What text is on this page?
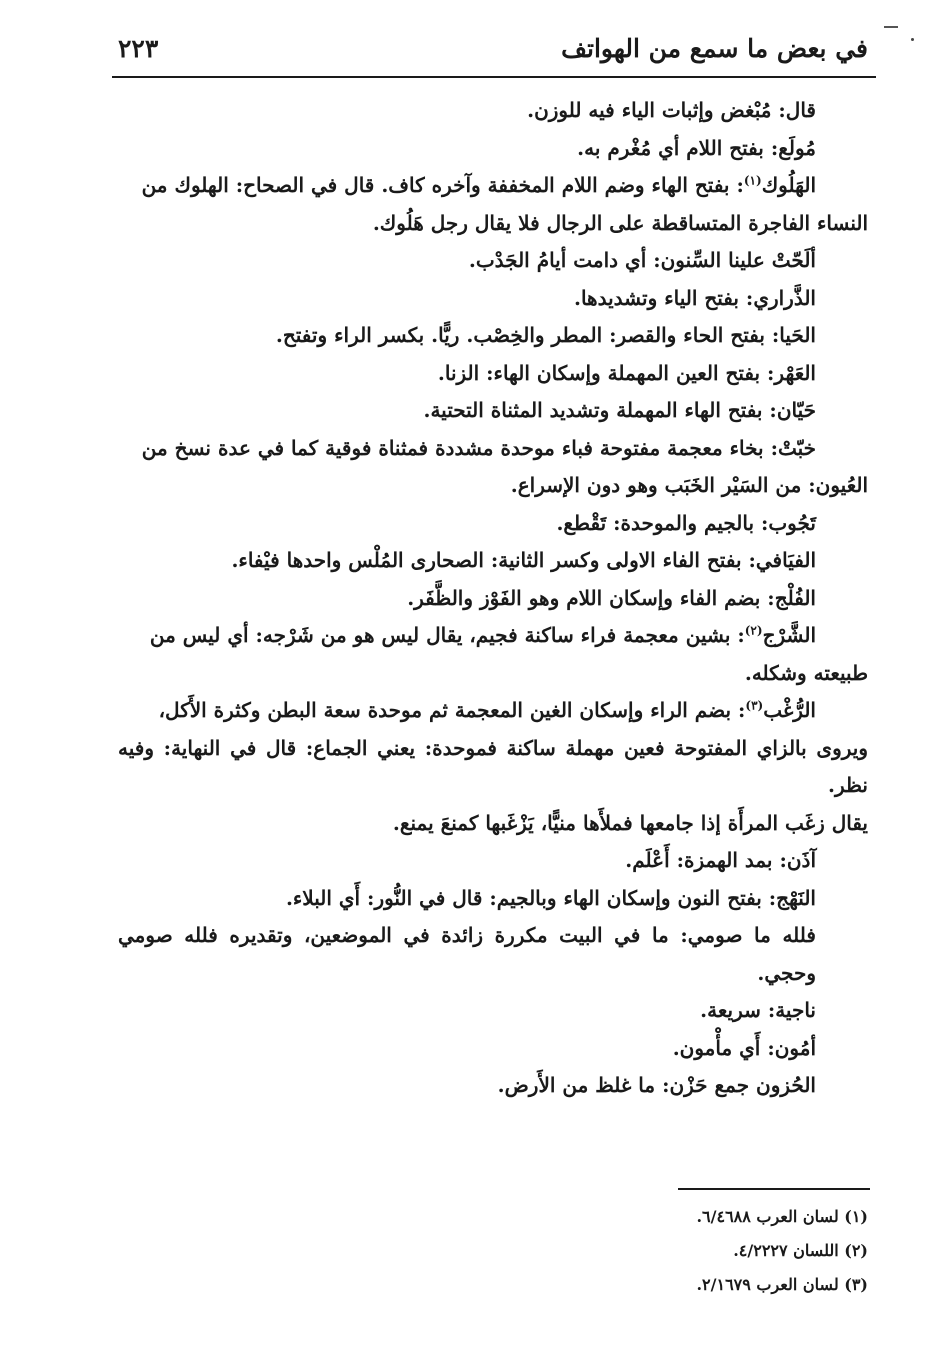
في بعض ما سمع من الهواتف
٢٢٣

قال: مُبْغض وإثبات الياء فيه للوزن.

مُولَع: بفتح اللام أي مُغْرم به.

الهَلُوك$^{(١)}$: بفتح الهاء وضم اللام المخففة وآخره كاف. قال في الصحاح: الهلوك من

النساء الفاجرة المتساقطة على الرجال فلا يقال رجل هَلُوك.

ألَحّتْ علينا السِّنون: أي دامت أيامُ الجَدْب.

الذَّراري: بفتح الياء وتشديدها.

الحَيا: بفتح الحاء والقصر: المطر والخِصْب. ريًّا. بكسر الراء وتفتح.

العَهْر: بفتح العين المهملة وإسكان الهاء: الزنا.

حَيّان: بفتح الهاء المهملة وتشديد المثناة التحتية.

خبّتْ: بخاء معجمة مفتوحة فباء موحدة مشددة فمثناة فوقية كما في عدة نسخ من

العُيون: من السَيْر الخَبَب وهو دون الإسراع.

تَجُوب: بالجيم والموحدة: تَقْطع.

الفيَافي: بفتح الفاء الاولى وكسر الثانية: الصحارى المُلْس واحدها فيْفاء.

الفُلْج: بضم الفاء وإسكان اللام وهو الفَوْز والظَّفَر.

الشَّرْج$^{(٢)}$: بشين معجمة فراء ساكنة فجيم، يقال ليس هو من شَرْجه: أي ليس من

طبيعته وشكله.

الرُّغْب$^{(٣)}$: بضم الراء وإسكان الغين المعجمة ثم موحدة سعة البطن وكثرة الأَكل،

ويروى بالزاي المفتوحة فعين مهملة ساكنة فموحدة: يعني الجماع: قال في النهاية: وفيه نظر.

يقال زغَب المرأَة إذا جامعها فملأَها منيًّا، يَزْغَبها كمنعَ يمنع.

آذَن: بمد الهمزة: أَعْلَم.

النَهْج: بفتح النون وإسكان الهاء وبالجيم: قال في النُّور: أَي البلاء.

فلله ما صومي: ما في البيت مكررة زائدة في الموضعين، وتقديره فلله صومي وحجي.

ناجية: سريعة.

أمُون: أَي مأْمون.

الحُزون جمع حَزْن: ما غلظ من الأَرض.

(١) لسان العرب ٦/٤٦٨٨.

(٢) اللسان ٤/٢٢٢٧.

(٣) لسان العرب ٢/١٦٧٩.
